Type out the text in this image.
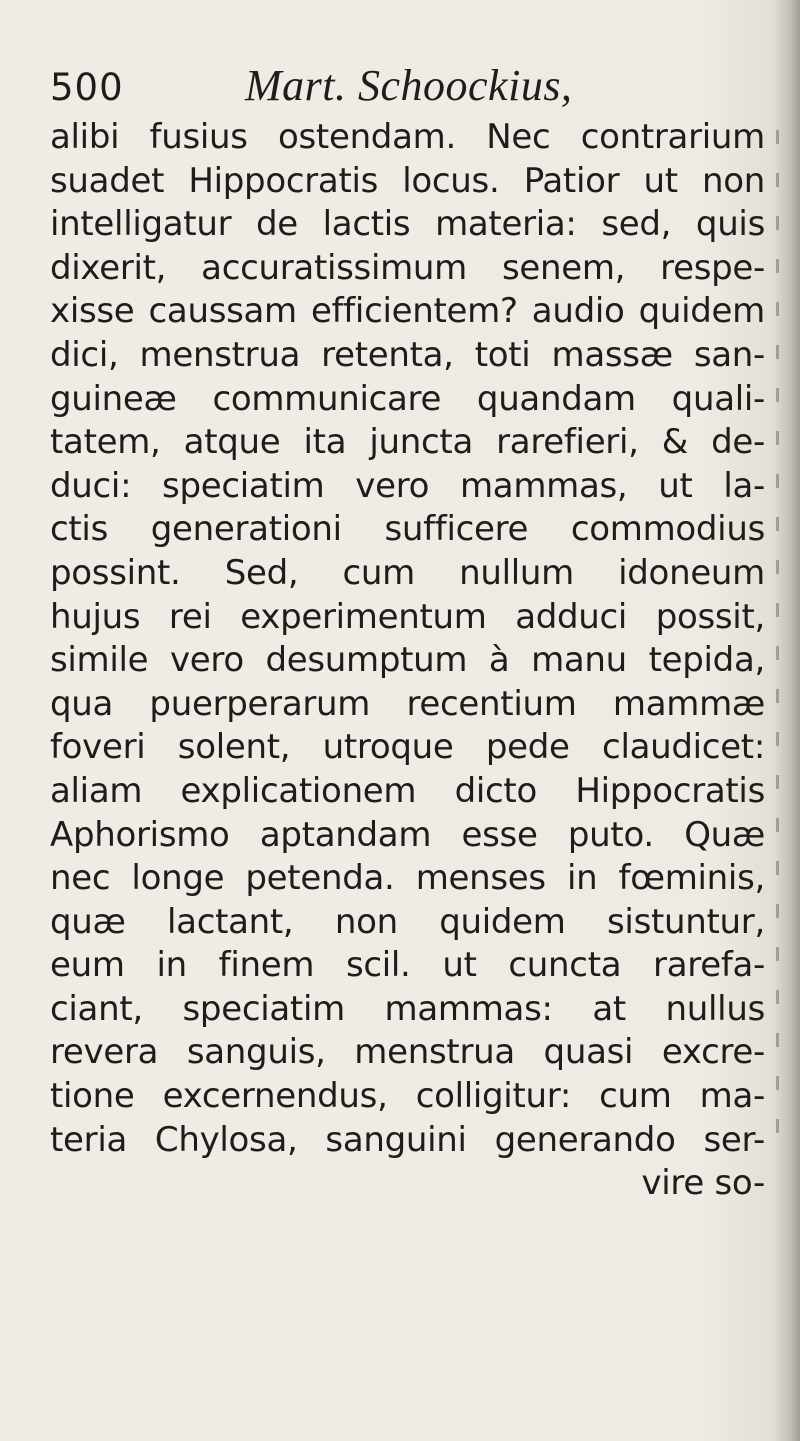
500	Mart. Schoockius,
alibi fusius ostendam. Nec contrarium
suadet Hippocratis locus. Patior ut non
intelligatur de lactis materia: sed, quis
dixerit, accuratissimum senem, respe-
xisse caussam efficientem? audio quidem
dici, menstrua retenta, toti massæ san-
guineæ communicare quandam quali-
tatem, atque ita juncta rarefieri, & de-
duci: speciatim vero mammas, ut la-
ctis generationi sufficere commodius
possint. Sed, cum nullum idoneum
hujus rei experimentum adduci possit,
simile vero desumptum à manu tepida,
qua puerperarum recentium mammæ
foveri solent, utroque pede claudicet:
aliam explicationem dicto Hippocratis
Aphorismo aptandam esse puto. Quæ
nec longe petenda. menses in fœminis,
quæ lactant, non quidem sistuntur,
eum in finem scil. ut cuncta rarefa-
ciant, speciatim mammas: at nullus
revera sanguis, menstrua quasi excre-
tione excernendus, colligitur: cum ma-
teria Chylosa, sanguini generando ser-
vire so-
